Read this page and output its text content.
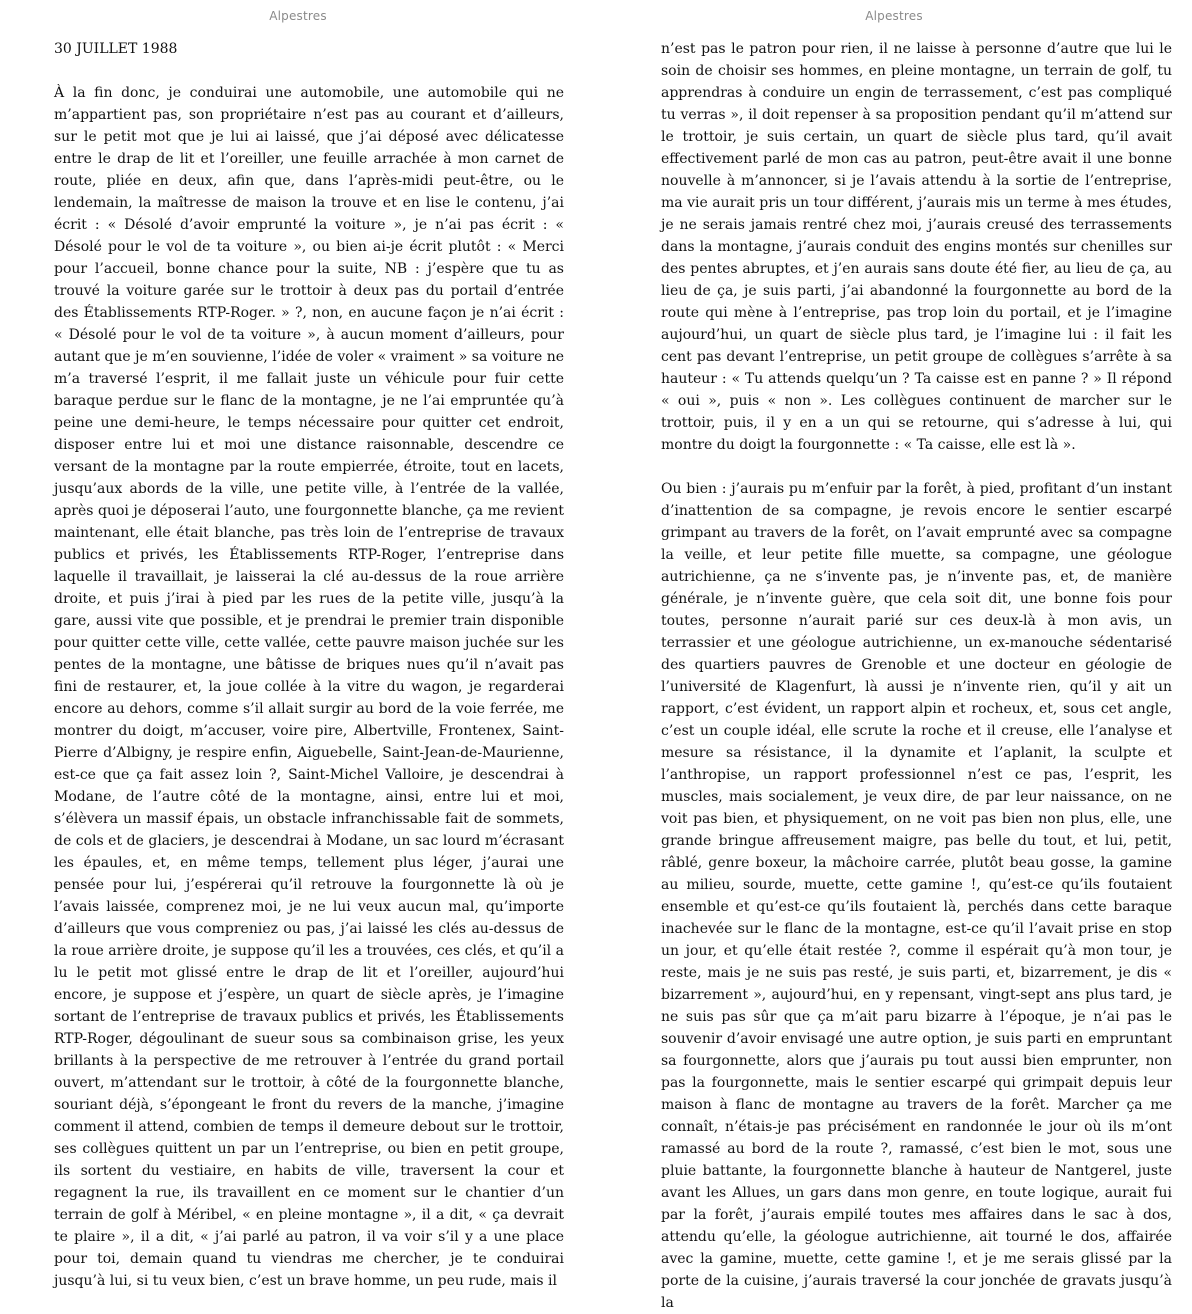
Alpestres

30 JUILLET 1988

À la fin donc, je conduirai une automobile, une automobile qui ne m’appartient pas, son propriétaire n’est pas au courant et d’ailleurs, sur le petit mot que je lui ai laissé, que j’ai déposé avec délicatesse entre le drap de lit et l’oreiller, une feuille arrachée à mon carnet de route, pliée en deux, afin que, dans l’après-midi peut-être, ou le lendemain, la maîtresse de maison la trouve et en lise le contenu, j’ai écrit : « Désolé d’avoir emprunté la voiture », je n’ai pas écrit : « Désolé pour le vol de ta voiture », ou bien ai-je écrit plutôt : « Merci pour l’accueil, bonne chance pour la suite, NB : j’espère que tu as trouvé la voiture garée sur le trottoir à deux pas du portail d’entrée des Établissements RTP-Roger. » ?, non, en aucune façon je n’ai écrit : « Désolé pour le vol de ta voiture », à aucun moment d’ailleurs, pour autant que je m’en souvienne, l’idée de voler « vraiment » sa voiture ne m’a traversé l’esprit, il me fallait juste un véhicule pour fuir cette baraque perdue sur le flanc de la montagne, je ne l’ai empruntée qu’à peine une demi-heure, le temps nécessaire pour quitter cet endroit, disposer entre lui et moi une distance raisonnable, descendre ce versant de la montagne par la route empierrée, étroite, tout en lacets, jusqu’aux abords de la ville, une petite ville, à l’entrée de la vallée, après quoi je déposerai l’auto, une fourgonnette blanche, ça me revient maintenant, elle était blanche, pas très loin de l’entreprise de travaux publics et privés, les Établissements RTP-Roger, l’entreprise dans laquelle il travaillait, je laisserai la clé au-dessus de la roue arrière droite, et puis j’irai à pied par les rues de la petite ville, jusqu’à la gare, aussi vite que possible, et je prendrai le premier train disponible pour quitter cette ville, cette vallée, cette pauvre maison juchée sur les pentes de la montagne, une bâtisse de briques nues qu’il n’avait pas fini de restaurer, et, la joue collée à la vitre du wagon, je regarderai encore au dehors, comme s’il allait surgir au bord de la voie ferrée, me montrer du doigt, m’accuser, voire pire, Albertville, Frontenex, Saint-Pierre d’Albigny, je respire enfin, Aiguebelle, Saint-Jean-de-Maurienne, est-ce que ça fait assez loin ?, Saint-Michel Valloire, je descendrai à Modane, de l’autre côté de la montagne, ainsi, entre lui et moi, s’élèvera un massif épais, un obstacle infranchissable fait de sommets, de cols et de glaciers, je descendrai à Modane, un sac lourd m’écrasant les épaules, et, en même temps, tellement plus léger, j’aurai une pensée pour lui, j’espérerai qu’il retrouve la fourgonnette là où je l’avais laissée, comprenez moi, je ne lui veux aucun mal, qu’importe d’ailleurs que vous compreniez ou pas, j’ai laissé les clés au-dessus de la roue arrière droite, je suppose qu’il les a trouvées, ces clés, et qu’il a lu le petit mot glissé entre le drap de lit et l’oreiller, aujourd’hui encore, je suppose et j’espère, un quart de siècle après, je l’imagine sortant de l’entreprise de travaux publics et privés, les Établissements RTP-Roger, dégoulinant de sueur sous sa combinaison grise, les yeux brillants à la perspective de me retrouver à l’entrée du grand portail ouvert, m’attendant sur le trottoir, à côté de la fourgonnette blanche, souriant déjà, s’épongeant le front du revers de la manche, j’imagine comment il attend, combien de temps il demeure debout sur le trottoir, ses collègues quittent un par un l’entreprise, ou bien en petit groupe, ils sortent du vestiaire, en habits de ville, traversent la cour et regagnent la rue, ils travaillent en ce moment sur le chantier d’un terrain de golf à Méribel, « en pleine montagne », il a dit, « ça devrait te plaire », il a dit, « j’ai parlé au patron, il va voir s’il y a une place pour toi, demain quand tu viendras me chercher, je te conduirai jusqu’à lui, si tu veux bien, c’est un brave homme, un peu rude, mais il

Alpestres

n’est pas le patron pour rien, il ne laisse à personne d’autre que lui le soin de choisir ses hommes, en pleine montagne, un terrain de golf, tu apprendras à conduire un engin de terrassement, c’est pas compliqué tu verras », il doit repenser à sa proposition pendant qu’il m’attend sur le trottoir, je suis certain, un quart de siècle plus tard, qu’il avait effectivement parlé de mon cas au patron, peut-être avait il une bonne nouvelle à m’annoncer, si je l’avais attendu à la sortie de l’entreprise, ma vie aurait pris un tour différent, j’aurais mis un terme à mes études, je ne serais jamais rentré chez moi, j’aurais creusé des terrassements dans la montagne, j’aurais conduit des engins montés sur chenilles sur des pentes abruptes, et j’en aurais sans doute été fier, au lieu de ça, au lieu de ça, je suis parti, j’ai abandonné la fourgonnette au bord de la route qui mène à l’entreprise, pas trop loin du portail, et je l’imagine aujourd’hui, un quart de siècle plus tard, je l’imagine lui : il fait les cent pas devant l’entreprise, un petit groupe de collègues s’arrête à sa hauteur : « Tu attends quelqu’un ? Ta caisse est en panne ? » Il répond « oui », puis « non ». Les collègues continuent de marcher sur le trottoir, puis, il y en a un qui se retourne, qui s’adresse à lui, qui montre du doigt la fourgonnette : « Ta caisse, elle est là ».

Ou bien : j’aurais pu m’enfuir par la forêt, à pied, profitant d’un instant d’inattention de sa compagne, je revois encore le sentier escarpé grimpant au travers de la forêt, on l’avait emprunté avec sa compagne la veille, et leur petite fille muette, sa compagne, une géologue autrichienne, ça ne s’invente pas, je n’invente pas, et, de manière générale, je n’invente guère, que cela soit dit, une bonne fois pour toutes, personne n’aurait parié sur ces deux-là à mon avis, un terrassier et une géologue autrichienne, un ex-manouche sédentarisé des quartiers pauvres de Grenoble et une docteur en géologie de l’université de Klagenfurt, là aussi je n’invente rien, qu’il y ait un rapport, c’est évident, un rapport alpin et rocheux, et, sous cet angle, c’est un couple idéal, elle scrute la roche et il creuse, elle l’analyse et mesure sa résistance, il la dynamite et l’aplanit, la sculpte et l’anthropise, un rapport professionnel n’est ce pas, l’esprit, les muscles, mais socialement, je veux dire, de par leur naissance, on ne voit pas bien, et physiquement, on ne voit pas bien non plus, elle, une grande bringue affreusement maigre, pas belle du tout, et lui, petit, râblé, genre boxeur, la mâchoire carrée, plutôt beau gosse, la gamine au milieu, sourde, muette, cette gamine !, qu’est-ce qu’ils foutaient ensemble et qu’est-ce qu’ils foutaient là, perchés dans cette baraque inachevée sur le flanc de la montagne, est-ce qu’il l’avait prise en stop un jour, et qu’elle était restée ?, comme il espérait qu’à mon tour, je reste, mais je ne suis pas resté, je suis parti, et, bizarrement, je dis « bizarrement », aujourd’hui, en y repensant, vingt-sept ans plus tard, je ne suis pas sûr que ça m’ait paru bizarre à l’époque, je n’ai pas le souvenir d’avoir envisagé une autre option, je suis parti en empruntant sa fourgonnette, alors que j’aurais pu tout aussi bien emprunter, non pas la fourgonnette, mais le sentier escarpé qui grimpait depuis leur maison à flanc de montagne au travers de la forêt. Marcher ça me connaît, n’étais-je pas précisément en randonnée le jour où ils m’ont ramassé au bord de la route ?, ramassé, c’est bien le mot, sous une pluie battante, la fourgonnette blanche à hauteur de Nantgerel, juste avant les Allues, un gars dans mon genre, en toute logique, aurait fui par la forêt, j’aurais empilé toutes mes affaires dans le sac à dos, attendu qu’elle, la géologue autrichienne, ait tourné le dos, affairée avec la gamine, muette, cette gamine !, et je me serais glissé par la porte de la cuisine, j’aurais traversé la cour jonchée de gravats jusqu’à la
